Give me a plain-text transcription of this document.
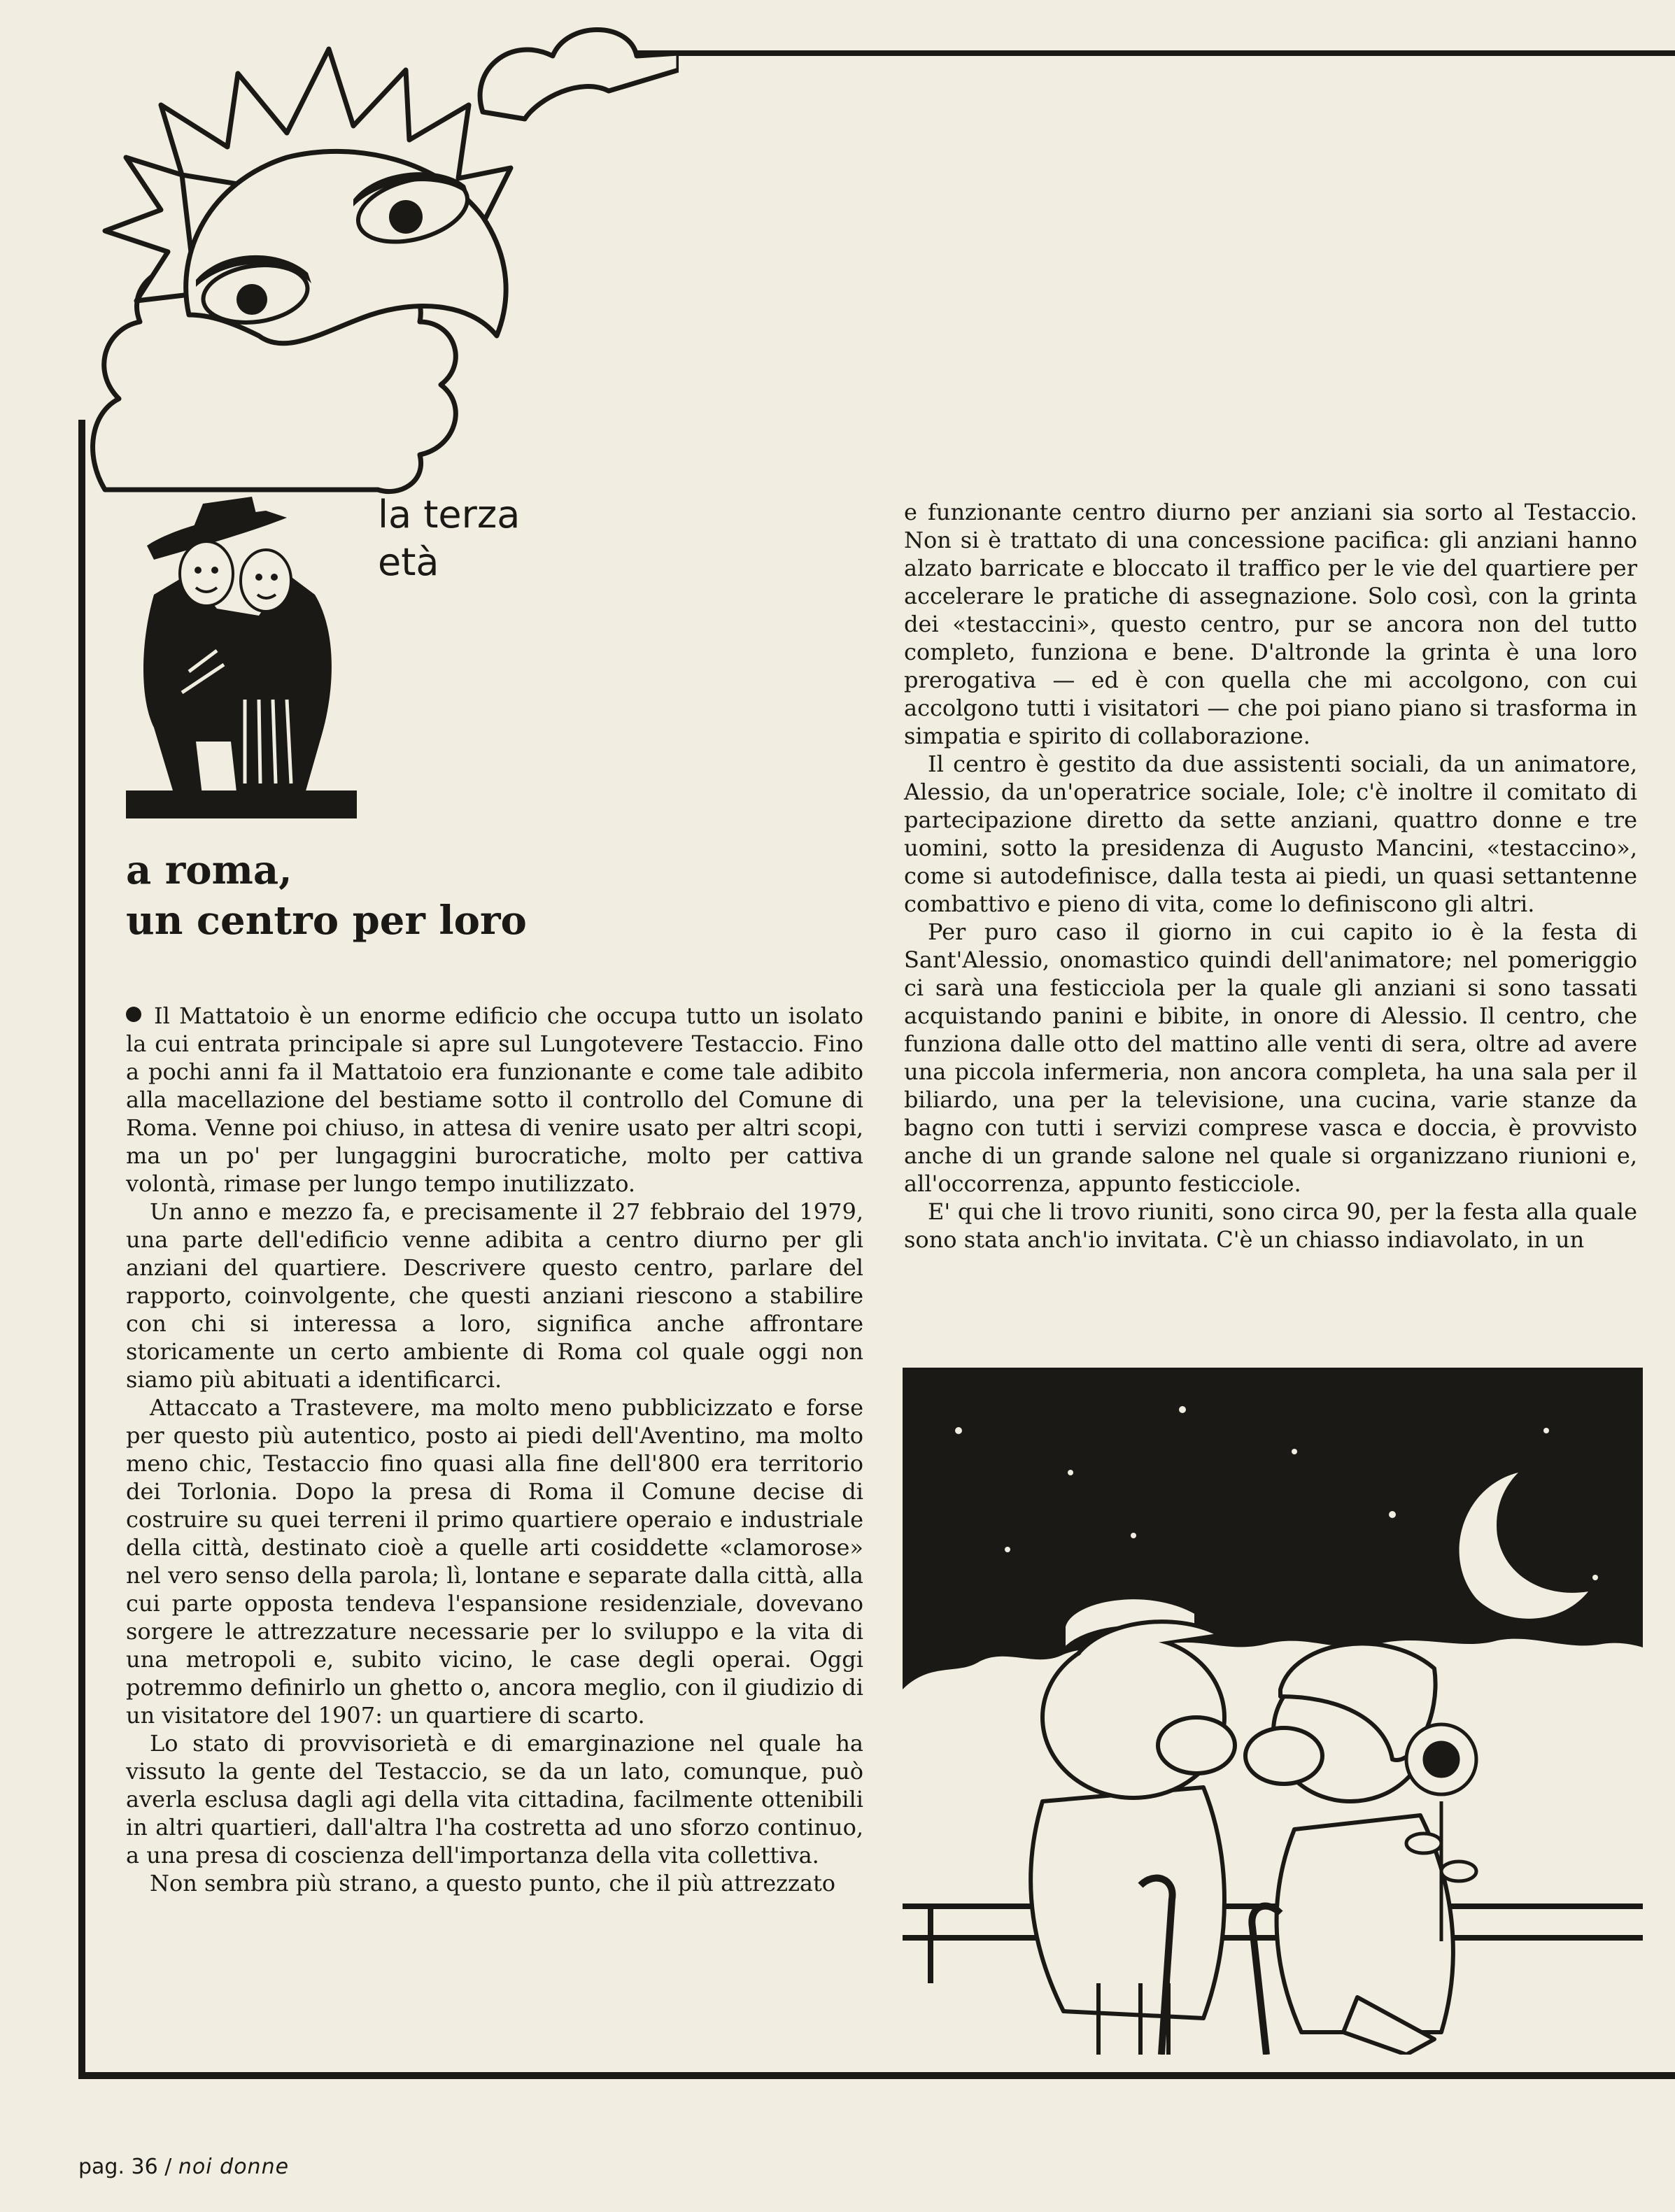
la terza
età
a roma,
un centro per loro

Il Mattatoio è un enorme edificio che occupa tutto un isolato la cui entrata principale si apre sul Lungotevere Testaccio. Fino a pochi anni fa il Mattatoio era funzionante e come tale adibito alla macellazione del bestiame sotto il controllo del Comune di Roma. Venne poi chiuso, in attesa di venire usato per altri scopi, ma un po' per lungaggini burocratiche, molto per cattiva volontà, rimase per lungo tempo inutilizzato.

Un anno e mezzo fa, e precisamente il 27 febbraio del 1979, una parte dell'edificio venne adibita a centro diurno per gli anziani del quartiere. Descrivere questo centro, parlare del rapporto, coinvolgente, che questi anziani riescono a stabilire con chi si interessa a loro, significa anche affrontare storicamente un certo ambiente di Roma col quale oggi non siamo più abituati a identificarci.

Attaccato a Trastevere, ma molto meno pubblicizzato e forse per questo più autentico, posto ai piedi dell'Aventino, ma molto meno chic, Testaccio fino quasi alla fine dell'800 era territorio dei Torlonia. Dopo la presa di Roma il Comune decise di costruire su quei terreni il primo quartiere operaio e industriale della città, destinato cioè a quelle arti cosiddette «clamorose» nel vero senso della parola; lì, lontane e separate dalla città, alla cui parte opposta tendeva l'espansione residenziale, dovevano sorgere le attrezzature necessarie per lo sviluppo e la vita di una metropoli e, subito vicino, le case degli operai. Oggi potremmo definirlo un ghetto o, ancora meglio, con il giudizio di un visitatore del 1907: un quartiere di scarto.

Lo stato di provvisorietà e di emarginazione nel quale ha vissuto la gente del Testaccio, se da un lato, comunque, può averla esclusa dagli agi della vita cittadina, facilmente ottenibili in altri quartieri, dall'altra l'ha costretta ad uno sforzo continuo, a una presa di coscienza dell'importanza della vita collettiva.

Non sembra più strano, a questo punto, che il più attrezzato

e funzionante centro diurno per anziani sia sorto al Testaccio. Non si è trattato di una concessione pacifica: gli anziani hanno alzato barricate e bloccato il traffico per le vie del quartiere per accelerare le pratiche di assegnazione. Solo così, con la grinta dei «testaccini», questo centro, pur se ancora non del tutto completo, funziona e bene. D'altronde la grinta è una loro prerogativa — ed è con quella che mi accolgono, con cui accolgono tutti i visitatori — che poi piano piano si trasforma in simpatia e spirito di collaborazione.

Il centro è gestito da due assistenti sociali, da un animatore, Alessio, da un'operatrice sociale, Iole; c'è inoltre il comitato di partecipazione diretto da sette anziani, quattro donne e tre uomini, sotto la presidenza di Augusto Mancini, «testaccino», come si autodefinisce, dalla testa ai piedi, un quasi settantenne combattivo e pieno di vita, come lo definiscono gli altri.

Per puro caso il giorno in cui capito io è la festa di Sant'Alessio, onomastico quindi dell'animatore; nel pomeriggio ci sarà una festicciola per la quale gli anziani si sono tassati acquistando panini e bibite, in onore di Alessio. Il centro, che funziona dalle otto del mattino alle venti di sera, oltre ad avere una piccola infermeria, non ancora completa, ha una sala per il biliardo, una per la televisione, una cucina, varie stanze da bagno con tutti i servizi comprese vasca e doccia, è provvisto anche di un grande salone nel quale si organizzano riunioni e, all'occorrenza, appunto festicciole.

E' qui che li trovo riuniti, sono circa 90, per la festa alla quale sono stata anch'io invitata. C'è un chiasso indiavolato, in un

pag. 36 / noi donne
